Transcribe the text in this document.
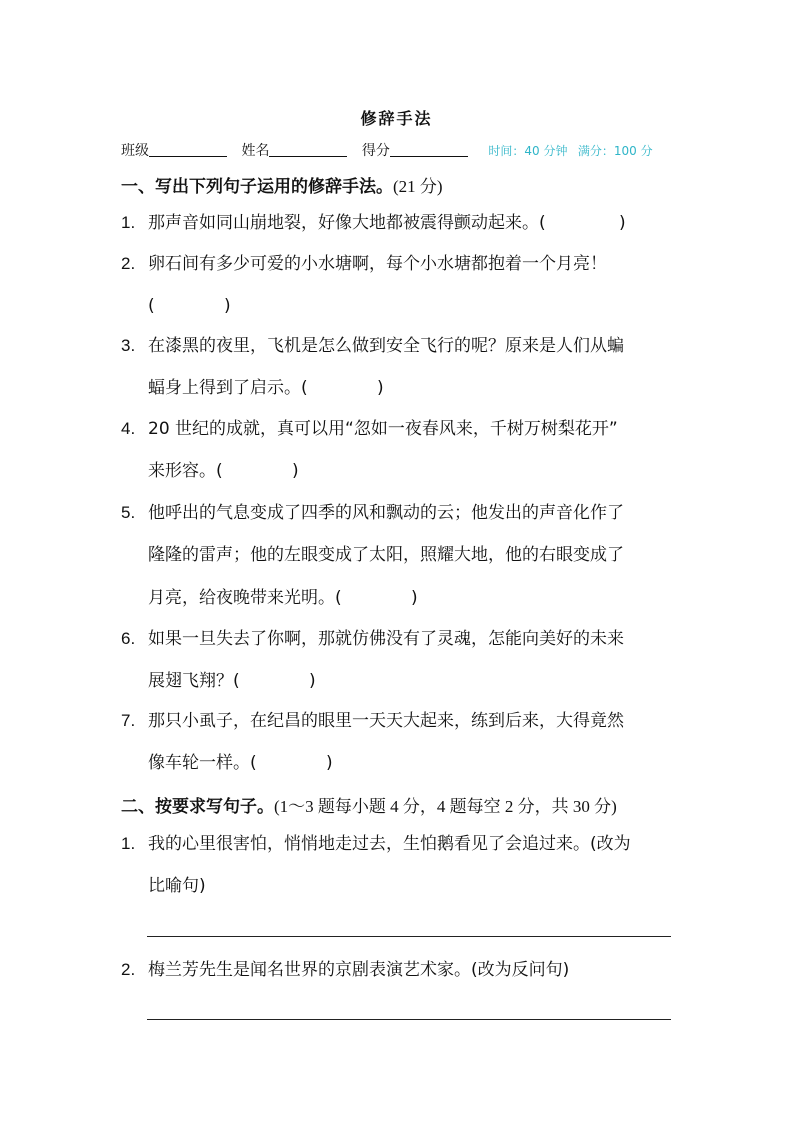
修辞手法
班级	姓名	得分	时间：40 分钟 满分：100 分
一、写出下列句子运用的修辞手法。(21 分)
1. 那声音如同山崩地裂，好像大地都被震得颤动起来。(	)
2. 卵石间有多少可爱的小水塘啊，每个小水塘都抱着一个月亮！
(	)
3. 在漆黑的夜里，飞机是怎么做到安全飞行的呢？原来是人们从蝙
蝠身上得到了启示。(	)
4. 20 世纪的成就，真可以用“忽如一夜春风来，千树万树梨花开”
来形容。(	)
5. 他呼出的气息变成了四季的风和飘动的云；他发出的声音化作了
隆隆的雷声；他的左眼变成了太阳，照耀大地，他的右眼变成了
月亮，给夜晚带来光明。(	)
6. 如果一旦失去了你啊，那就仿佛没有了灵魂，怎能向美好的未来
展翅飞翔？(	)
7. 那只小虱子，在纪昌的眼里一天天大起来，练到后来，大得竟然
像车轮一样。(	)
二、按要求写句子。(1～3 题每小题 4 分，4 题每空 2 分，共 30 分)
1. 我的心里很害怕，悄悄地走过去，生怕鹅看见了会追过来。(改为
比喻句)
2. 梅兰芳先生是闻名世界的京剧表演艺术家。(改为反问句)
